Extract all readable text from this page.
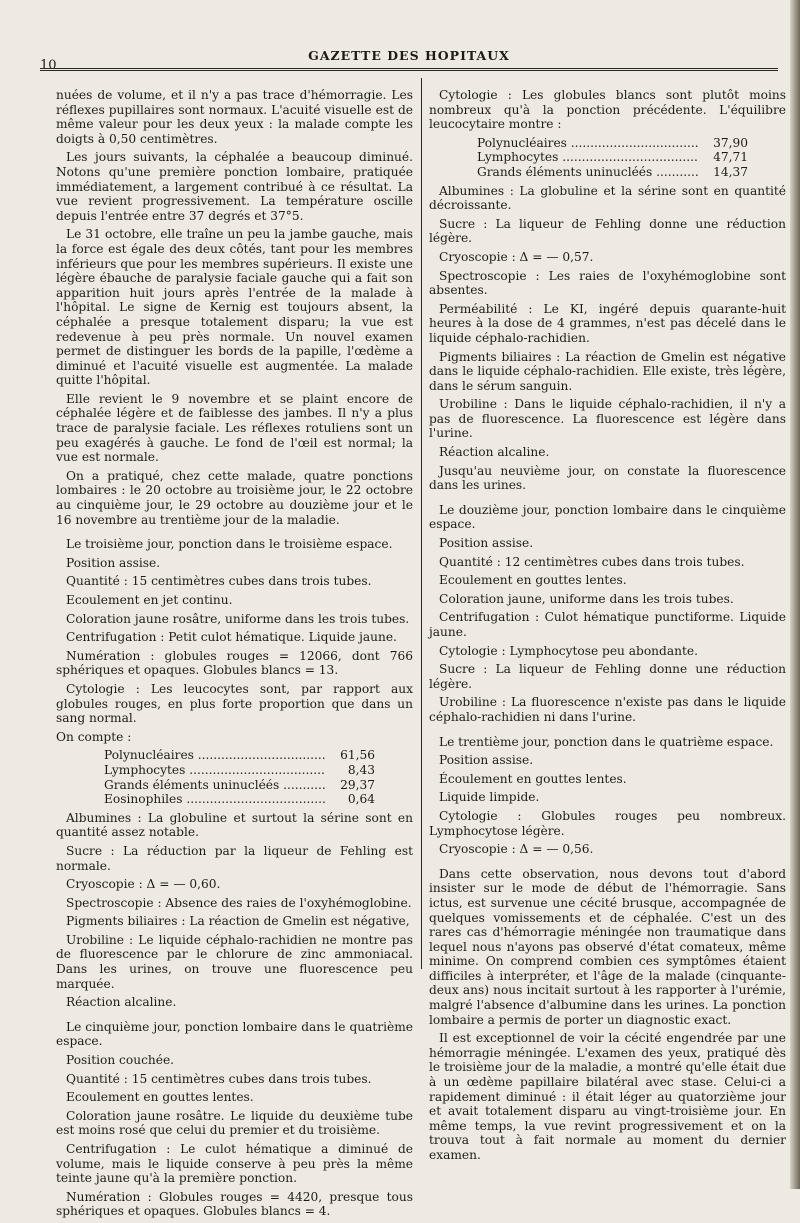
10
GAZETTE DES HOPITAUX

nuées de volume, et il n'y a pas trace d'hémorragie. Les réflexes pupillaires sont normaux. L'acuité visuelle est de même valeur pour les deux yeux : la malade compte les doigts à 0,50 centimètres.

Les jours suivants, la céphalée a beaucoup diminué. Notons qu'une première ponction lombaire, pratiquée immédiatement, a largement contribué à ce résultat. La vue revient progressivement. La température oscille depuis l'entrée entre 37 degrés et 37°5.

Le 31 octobre, elle traîne un peu la jambe gauche, mais la force est égale des deux côtés, tant pour les membres inférieurs que pour les membres supérieurs. Il existe une légère ébauche de paralysie faciale gauche qui a fait son apparition huit jours après l'entrée de la malade à l'hôpital. Le signe de Kernig est toujours absent, la céphalée a presque totalement disparu; la vue est redevenue à peu près normale. Un nouvel examen permet de distinguer les bords de la papille, l'œdème a diminué et l'acuité visuelle est augmentée. La malade quitte l'hôpital.

Elle revient le 9 novembre et se plaint encore de céphalée légère et de faiblesse des jambes. Il n'y a plus trace de paralysie faciale. Les réflexes rotuliens sont un peu exagérés à gauche. Le fond de l'œil est normal; la vue est normale.

On a pratiqué, chez cette malade, quatre ponctions lombaires : le 20 octobre au troisième jour, le 22 octobre au cinquième jour, le 29 octobre au douzième jour et le 16 novembre au trentième jour de la maladie.

Le troisième jour, ponction dans le troisième espace.

Position assise.

Quantité : 15 centimètres cubes dans trois tubes.

Ecoulement en jet continu.

Coloration jaune rosâtre, uniforme dans les trois tubes.

Centrifugation : Petit culot hématique. Liquide jaune.

Numération : globules rouges = 12066, dont 766 sphériques et opaques. Globules blancs = 13.

Cytologie : Les leucocytes sont, par rapport aux globules rouges, en plus forte proportion que dans un sang normal.

On compte :

Polynucléaires .....	61,56
Lymphocytes .....	8,43
Grands éléments uninucléés .....	29,37
Eosinophiles .....	0,64

Albumines : La globuline et surtout la sérine sont en quantité assez notable.

Sucre : La réduction par la liqueur de Fehling est normale.

Cryoscopie : Δ = — 0,60.

Spectroscopie : Absence des raies de l'oxyhémoglobine.

Pigments biliaires : La réaction de Gmelin est négative,

Urobiline : Le liquide céphalo-rachidien ne montre pas de fluorescence par le chlorure de zinc ammoniacal. Dans les urines, on trouve une fluorescence peu marquée.

Réaction alcaline.

Le cinquième jour, ponction lombaire dans le quatrième espace.

Position couchée.

Quantité : 15 centimètres cubes dans trois tubes.

Ecoulement en gouttes lentes.

Coloration jaune rosâtre. Le liquide du deuxième tube est moins rosé que celui du premier et du troisième.

Centrifugation : Le culot hématique a diminué de volume, mais le liquide conserve à peu près la même teinte jaune qu'à la première ponction.

Numération : Globules rouges = 4420, presque tous sphériques et opaques. Globules blancs = 4.

Cytologie : Les globules blancs sont plutôt moins nombreux qu'à la ponction précédente. L'équilibre leucocytaire montre :

Polynucléaires .....	37,90
Lymphocytes .....	47,71
Grands éléments uninucléés .....	14,37

Albumines : La globuline et la sérine sont en quantité décroissante.

Sucre : La liqueur de Fehling donne une réduction légère.

Cryoscopie : Δ = — 0,57.

Spectroscopie : Les raies de l'oxyhémoglobine sont absentes.

Perméabilité : Le KI, ingéré depuis quarante-huit heures à la dose de 4 grammes, n'est pas décelé dans le liquide céphalo-rachidien.

Pigments biliaires : La réaction de Gmelin est négative dans le liquide céphalo-rachidien. Elle existe, très légère, dans le sérum sanguin.

Urobiline : Dans le liquide céphalo-rachidien, il n'y a pas de fluorescence. La fluorescence est légère dans l'urine.

Réaction alcaline.

Jusqu'au neuvième jour, on constate la fluorescence dans les urines.

Le douzième jour, ponction lombaire dans le cinquième espace.

Position assise.

Quantité : 12 centimètres cubes dans trois tubes.

Ecoulement en gouttes lentes.

Coloration jaune, uniforme dans les trois tubes.

Centrifugation : Culot hématique punctiforme. Liquide jaune.

Cytologie : Lymphocytose peu abondante.

Sucre : La liqueur de Fehling donne une réduction légère.

Urobiline : La fluorescence n'existe pas dans le liquide céphalo-rachidien ni dans l'urine.

Le trentième jour, ponction dans le quatrième espace.

Position assise.

Écoulement en gouttes lentes.

Liquide limpide.

Cytologie : Globules rouges peu nombreux. Lymphocytose légère.

Cryoscopie : Δ = — 0,56.

Dans cette observation, nous devons tout d'abord insister sur le mode de début de l'hémorragie. Sans ictus, est survenue une cécité brusque, accompagnée de quelques vomissements et de céphalée. C'est un des rares cas d'hémorragie méningée non traumatique dans lequel nous n'ayons pas observé d'état comateux, même minime. On comprend combien ces symptômes étaient difficiles à interpréter, et l'âge de la malade (cinquante-deux ans) nous incitait surtout à les rapporter à l'urémie, malgré l'absence d'albumine dans les urines. La ponction lombaire a permis de porter un diagnostic exact.

Il est exceptionnel de voir la cécité engendrée par une hémorragie méningée. L'examen des yeux, pratiqué dès le troisième jour de la maladie, a montré qu'elle était due à un œdème papillaire bilatéral avec stase. Celui-ci a rapidement diminué : il était léger au quatorzième jour et avait totalement disparu au vingt-troisième jour. En même temps, la vue revint progressivement et on la trouva tout à fait normale au moment du dernier examen.
